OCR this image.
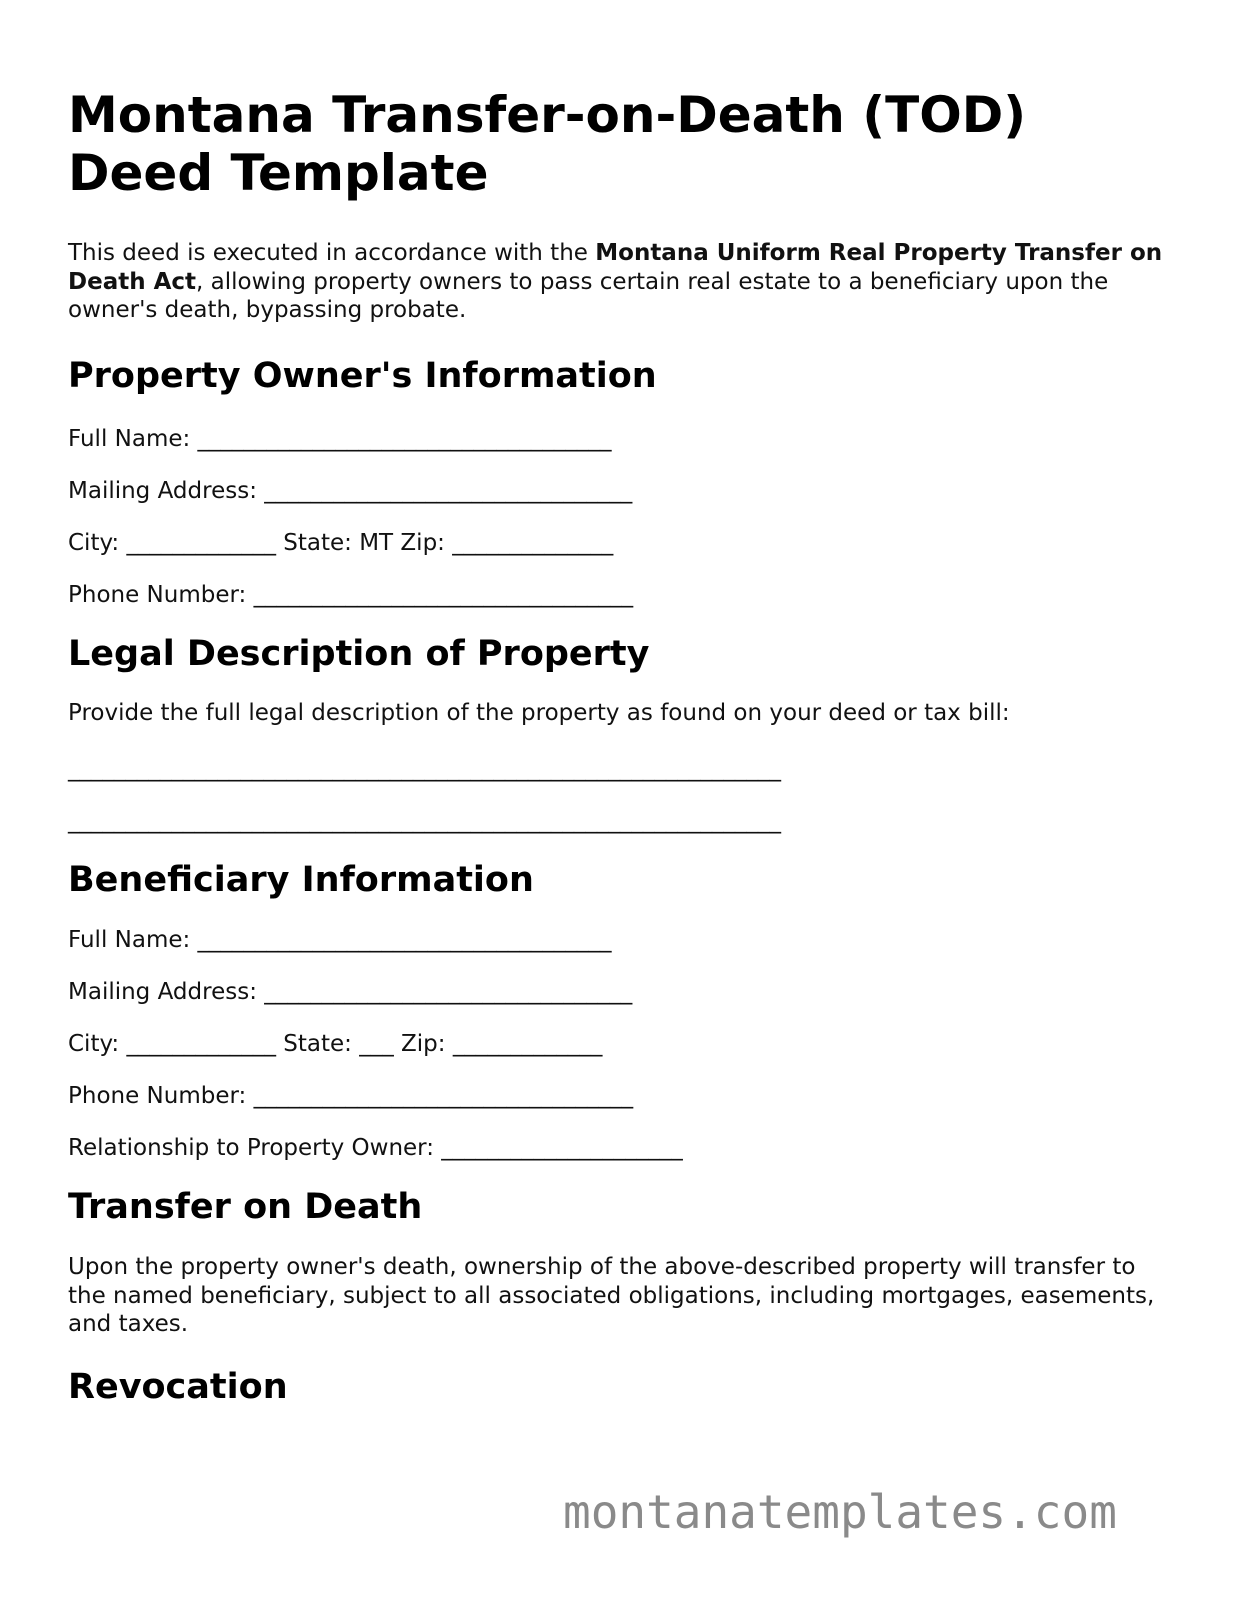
Montana Transfer-on-Death (TOD) Deed Template

This deed is executed in accordance with the Montana Uniform Real Property Transfer on Death Act, allowing property owners to pass certain real estate to a beneficiary upon the owner's death, bypassing probate.

Property Owner's Information
Full Name: ____________________________________
Mailing Address: ________________________________
City: _____________ State: MT Zip: ______________
Phone Number: _________________________________
Legal Description of Property

Provide the full legal description of the property as found on your deed or tax bill:

______________________________________________________________
______________________________________________________________
Beneficiary Information
Full Name: ____________________________________
Mailing Address: ________________________________
City: _____________ State: ___ Zip: _____________
Phone Number: _________________________________
Relationship to Property Owner: _____________________
Transfer on Death

Upon the property owner's death, ownership of the above-described property will transfer to the named beneficiary, subject to all associated obligations, including mortgages, easements, and taxes.

Revocation
montanatemplates.com
